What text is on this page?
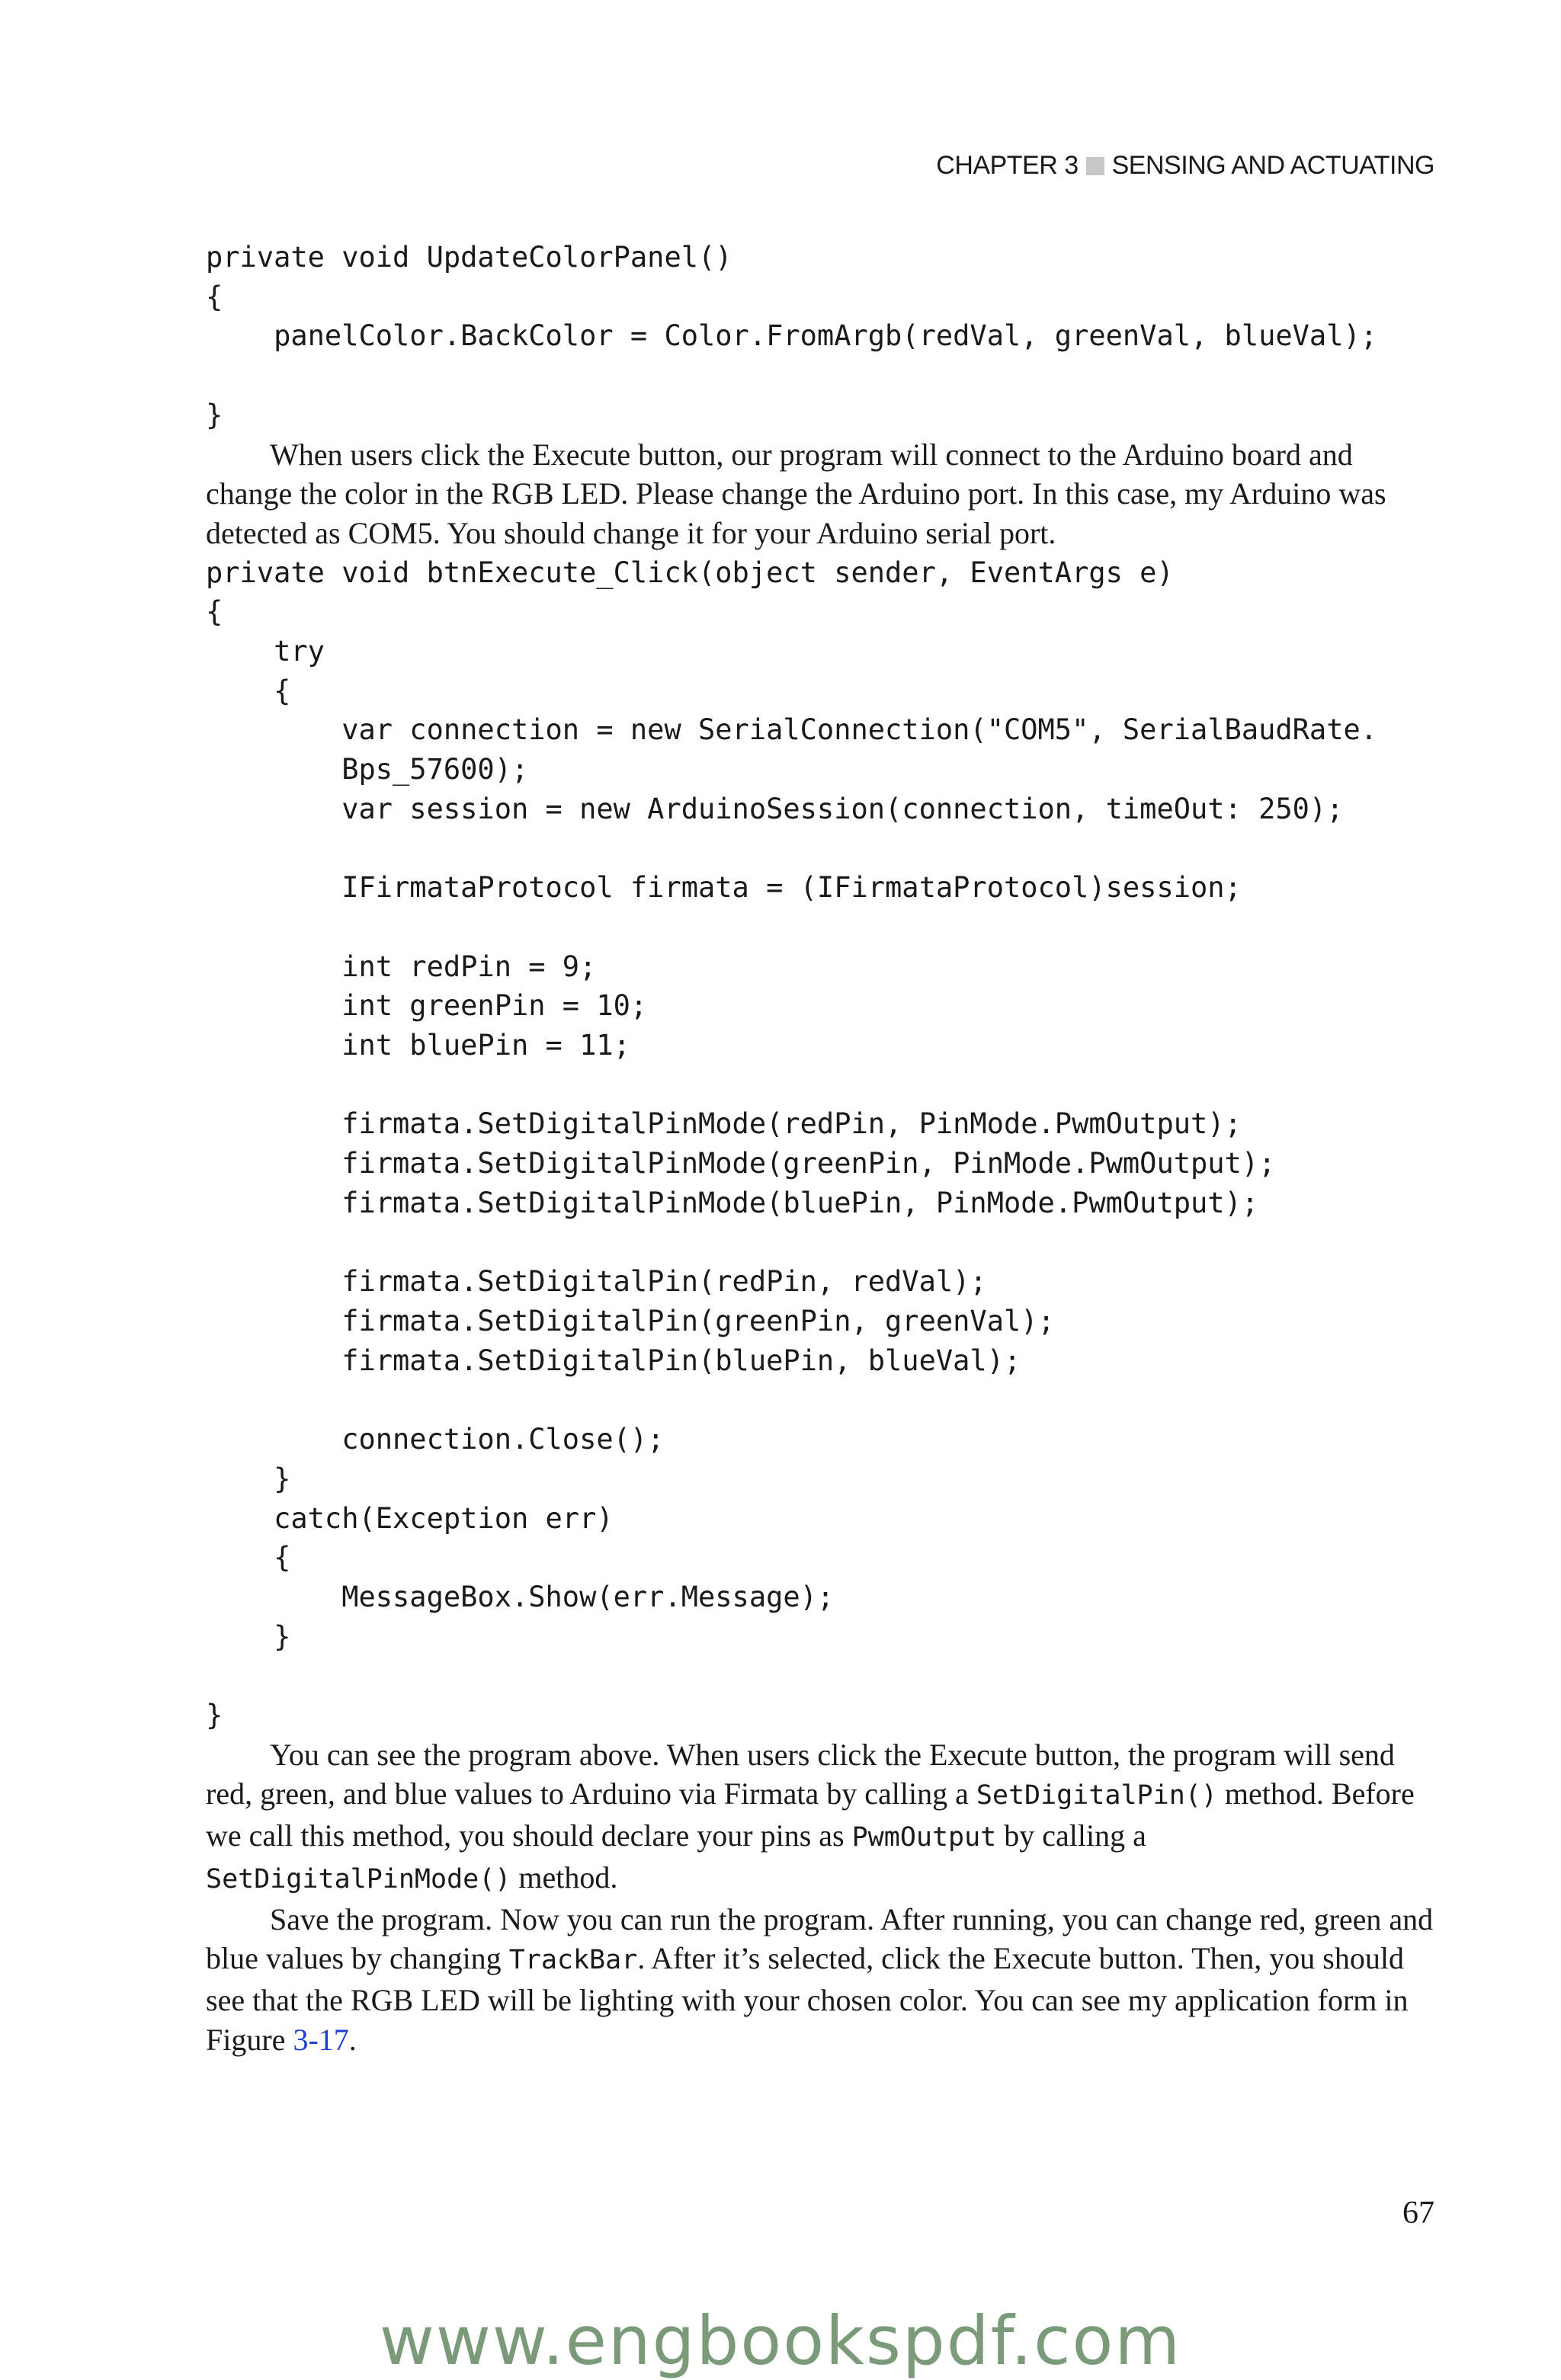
CHAPTER 3 SENSING AND ACTUATING
private void UpdateColorPanel()
{
panelColor.BackColor = Color.FromArgb(redVal, greenVal, blueVal);

}

When users click the Execute button, our program will connect to the Arduino board and change the color in the RGB LED. Please change the Arduino port. In this case, my Arduino was detected as COM5. You should change it for your Arduino serial port.

private void btnExecute_Click(object sender, EventArgs e)
{
try
{
var connection = new SerialConnection("COM5", SerialBaudRate.
Bps_57600);
var session = new ArduinoSession(connection, timeOut: 250);

IFirmataProtocol firmata = (IFirmataProtocol)session;

int redPin = 9;
int greenPin = 10;
int bluePin = 11;

firmata.SetDigitalPinMode(redPin, PinMode.PwmOutput);
firmata.SetDigitalPinMode(greenPin, PinMode.PwmOutput);
firmata.SetDigitalPinMode(bluePin, PinMode.PwmOutput);

firmata.SetDigitalPin(redPin, redVal);
firmata.SetDigitalPin(greenPin, greenVal);
firmata.SetDigitalPin(bluePin, blueVal);

connection.Close();
}
catch(Exception err)
{
MessageBox.Show(err.Message);
}

}

You can see the program above. When users click the Execute button, the program will send red, green, and blue values to Arduino via Firmata by calling a SetDigitalPin() method. Before we call this method, you should declare your pins as PwmOutput by calling a SetDigitalPinMode() method.

Save the program. Now you can run the program. After running, you can change red, green and blue values by changing TrackBar. After it’s selected, click the Execute button. Then, you should see that the RGB LED will be lighting with your chosen color. You can see my application form in Figure 3-17.

67
www.engbookspdf.com
